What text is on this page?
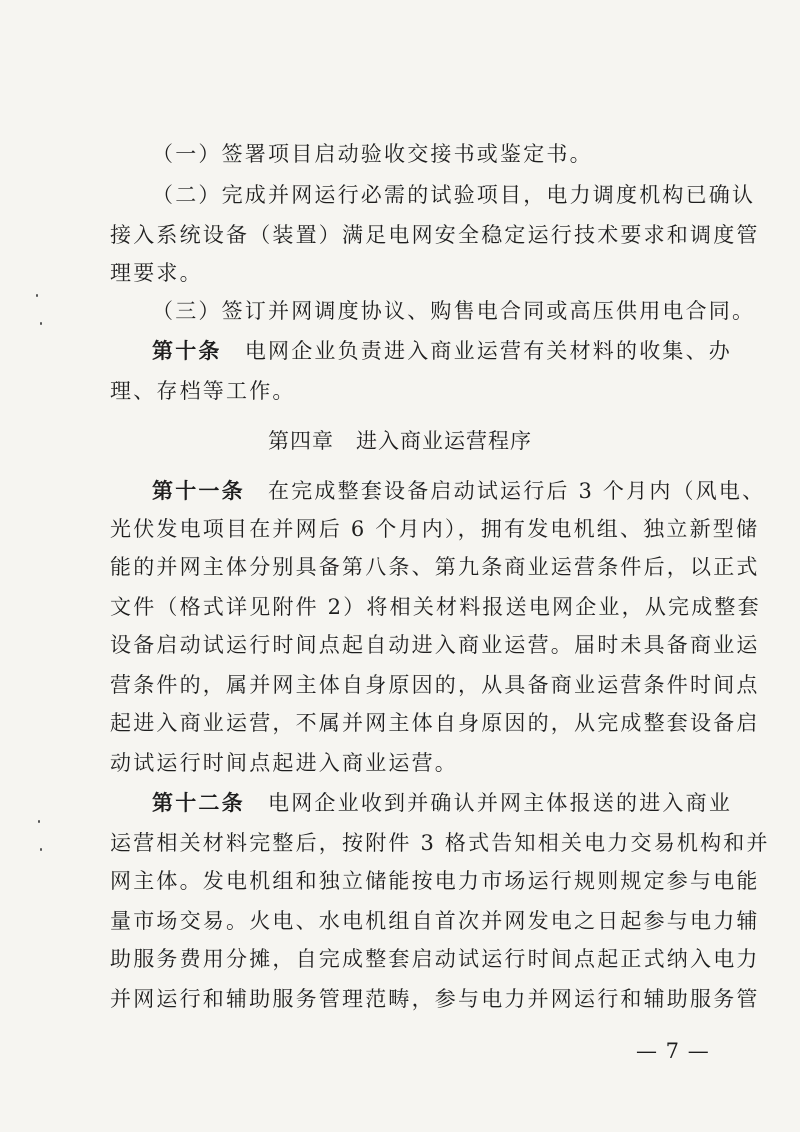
（一）签署项目启动验收交接书或鉴定书。
（二）完成并网运行必需的试验项目，电力调度机构已确认
接入系统设备（装置）满足电网安全稳定运行技术要求和调度管
理要求。
（三）签订并网调度协议、购售电合同或高压供用电合同。
第十条　 电网企业负责进入商业运营有关材料的收集、办
理、存档等工作。
第四章　进入商业运营程序
第十一条　 在完成整套设备启动试运行后 3 个月内（风电、
光伏发电项目在并网后 6 个月内），拥有发电机组、独立新型储
能的并网主体分别具备第八条、第九条商业运营条件后，以正式
文件（格式详见附件 2）将相关材料报送电网企业，从完成整套
设备启动试运行时间点起自动进入商业运营。届时未具备商业运
营条件的，属并网主体自身原因的，从具备商业运营条件时间点
起进入商业运营，不属并网主体自身原因的，从完成整套设备启
动试运行时间点起进入商业运营。
第十二条　 电网企业收到并确认并网主体报送的进入商业
运营相关材料完整后，按附件 3 格式告知相关电力交易机构和并
网主体。发电机组和独立储能按电力市场运行规则规定参与电能
量市场交易。火电、水电机组自首次并网发电之日起参与电力辅
助服务费用分摊，自完成整套启动试运行时间点起正式纳入电力
并网运行和辅助服务管理范畴，参与电力并网运行和辅助服务管
— 7 —
